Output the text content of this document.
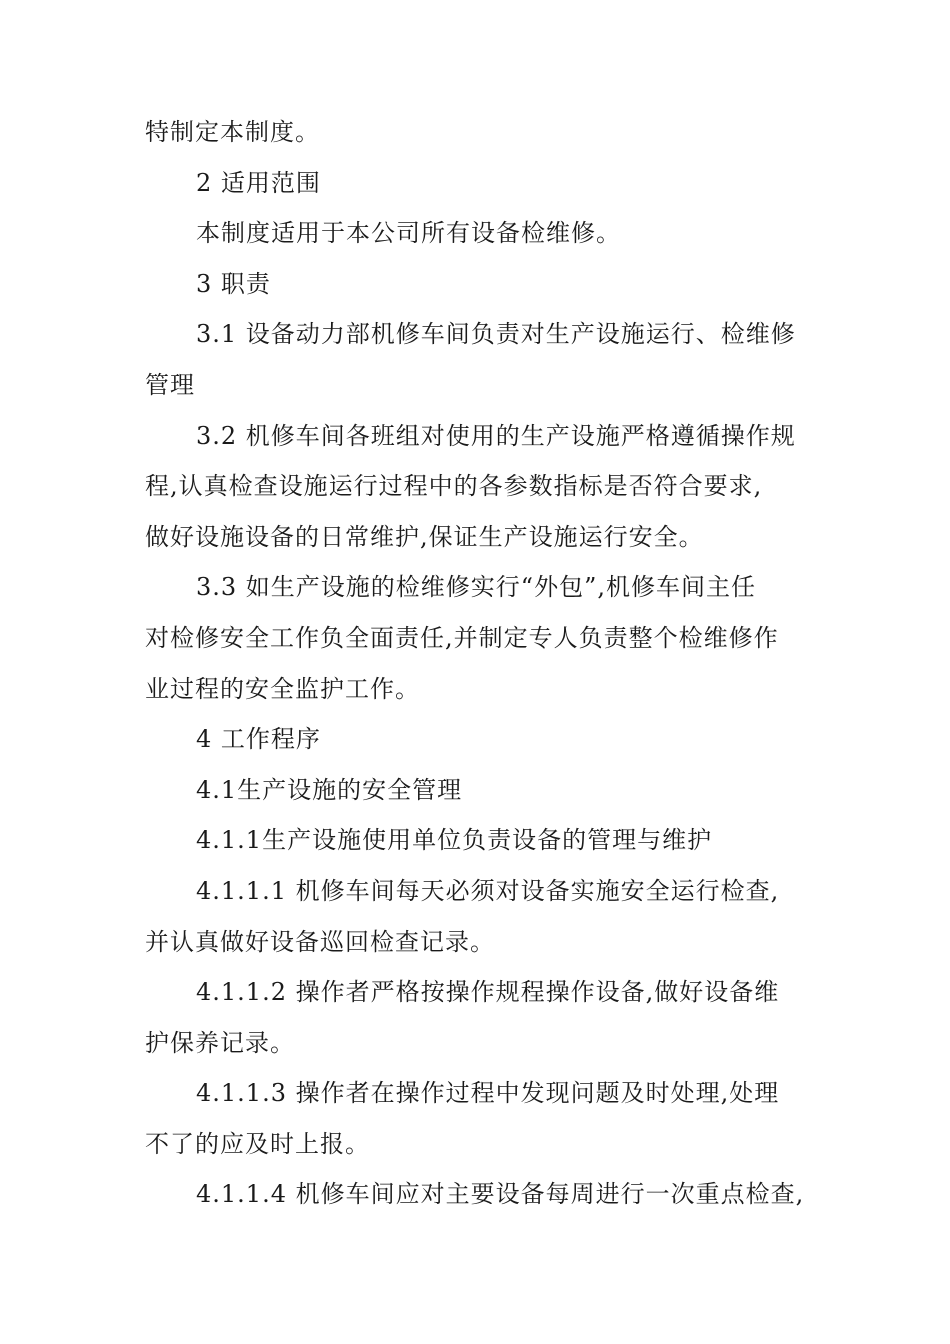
特制定本制度。
2 适用范围
本制度适用于本公司所有设备检维修。
3 职责
3.1 设备动力部机修车间负责对生产设施运行、检维修
管理
3.2 机修车间各班组对使用的生产设施严格遵循操作规
程,认真检查设施运行过程中的各参数指标是否符合要求,
做好设施设备的日常维护,保证生产设施运行安全。
3.3 如生产设施的检维修实行“外包”,机修车间主任
对检修安全工作负全面责任,并制定专人负责整个检维修作
业过程的安全监护工作。
4 工作程序
4.1生产设施的安全管理
4.1.1生产设施使用单位负责设备的管理与维护
4.1.1.1 机修车间每天必须对设备实施安全运行检查,
并认真做好设备巡回检查记录。
4.1.1.2 操作者严格按操作规程操作设备,做好设备维
护保养记录。
4.1.1.3 操作者在操作过程中发现问题及时处理,处理
不了的应及时上报。
4.1.1.4 机修车间应对主要设备每周进行一次重点检查,
